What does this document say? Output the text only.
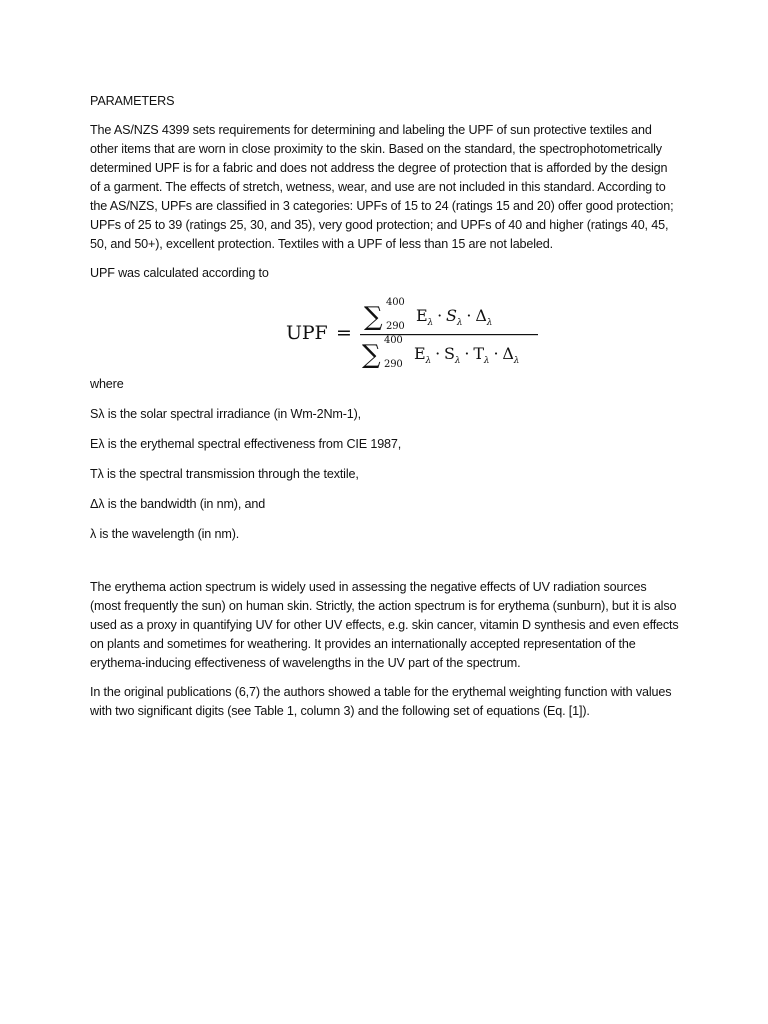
PARAMETERS

The AS/NZS 4399 sets requirements for determining and labeling the UPF of sun protective textiles and other items that are worn in close proximity to the skin. Based on the standard, the spectrophotometrically determined UPF is for a fabric and does not address the degree of protection that is afforded by the design of a garment. The effects of stretch, wetness, wear, and use are not included in this standard. According to the AS/NZS, UPFs are classified in 3 categories: UPFs of 15 to 24 (ratings 15 and 20) offer good protection; UPFs of 25 to 39 (ratings 25, 30, and 35), very good protection; and UPFs of 40 and higher (ratings 40, 45, 50, and 50+), excellent protection. Textiles with a UPF of less than 15 are not labeled.

UPF was calculated according to

UPF =
∑ 400
290
$E_\lambda \cdot S_\lambda \cdot \Delta_\lambda$
∑ 400
290
$E_\lambda \cdot S_\lambda \cdot T_\lambda \cdot \Delta_\lambda$

where

Sλ is the solar spectral irradiance (in Wm-2Nm-1),

Eλ is the erythemal spectral effectiveness from CIE 1987,

Tλ is the spectral transmission through the textile,

Δλ is the bandwidth (in nm), and

λ is the wavelength (in nm).

The erythema action spectrum is widely used in assessing the negative effects of UV radiation sources (most frequently the sun) on human skin. Strictly, the action spectrum is for erythema (sunburn), but it is also used as a proxy in quantifying UV for other UV effects, e.g. skin cancer, vitamin D synthesis and even effects on plants and sometimes for weathering. It provides an internationally accepted representation of the erythema-inducing effectiveness of wavelengths in the UV part of the spectrum.

In the original publications (6,7) the authors showed a table for the erythemal weighting function with values with two significant digits (see Table 1, column 3) and the following set of equations (Eq. [1]).
